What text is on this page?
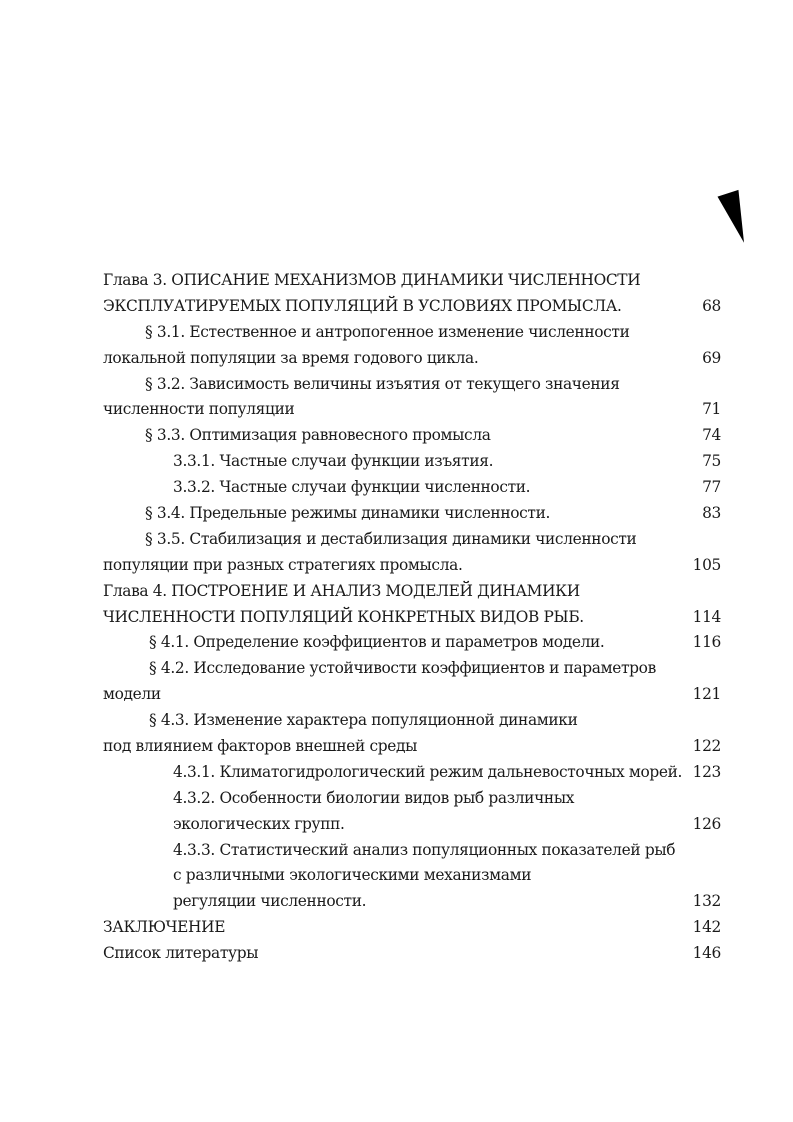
Глава 3. ОПИСАНИЕ МЕХАНИЗМОВ ДИНАМИКИ ЧИСЛЕННОСТИ
ЭКСПЛУАТИРУЕМЫХ ПОПУЛЯЦИЙ В УСЛОВИЯХ ПРОМЫСЛА.	68
§ 3.1. Естественное и антропогенное изменение численности
локальной популяции за время годового цикла.	69
§ 3.2. Зависимость величины изъятия от текущего значения
численности популяции	71
§ 3.3. Оптимизация равновесного промысла	74
3.3.1. Частные случаи функции изъятия.	75
3.3.2. Частные случаи функции численности.	77
§ 3.4. Предельные режимы динамики численности.	83
§ 3.5. Стабилизация и дестабилизация динамики численности
популяции при разных стратегиях промысла.	105
Глава 4. ПОСТРОЕНИЕ И АНАЛИЗ МОДЕЛЕЙ ДИНАМИКИ
ЧИСЛЕННОСТИ ПОПУЛЯЦИЙ КОНКРЕТНЫХ ВИДОВ РЫБ.	114
§ 4.1. Определение коэффициентов и параметров модели.	116
§ 4.2. Исследование устойчивости коэффициентов и параметров
модели	121
§ 4.3. Изменение характера популяционной динамики
под влиянием факторов внешней среды	122
4.3.1. Климатогидрологический режим дальневосточных морей. 123
4.3.2. Особенности биологии видов рыб различных
экологических групп.	126
4.3.3. Статистический анализ популяционных показателей рыб
с различными экологическими механизмами
регуляции численности.	132
ЗАКЛЮЧЕНИЕ	142
Список литературы	146
